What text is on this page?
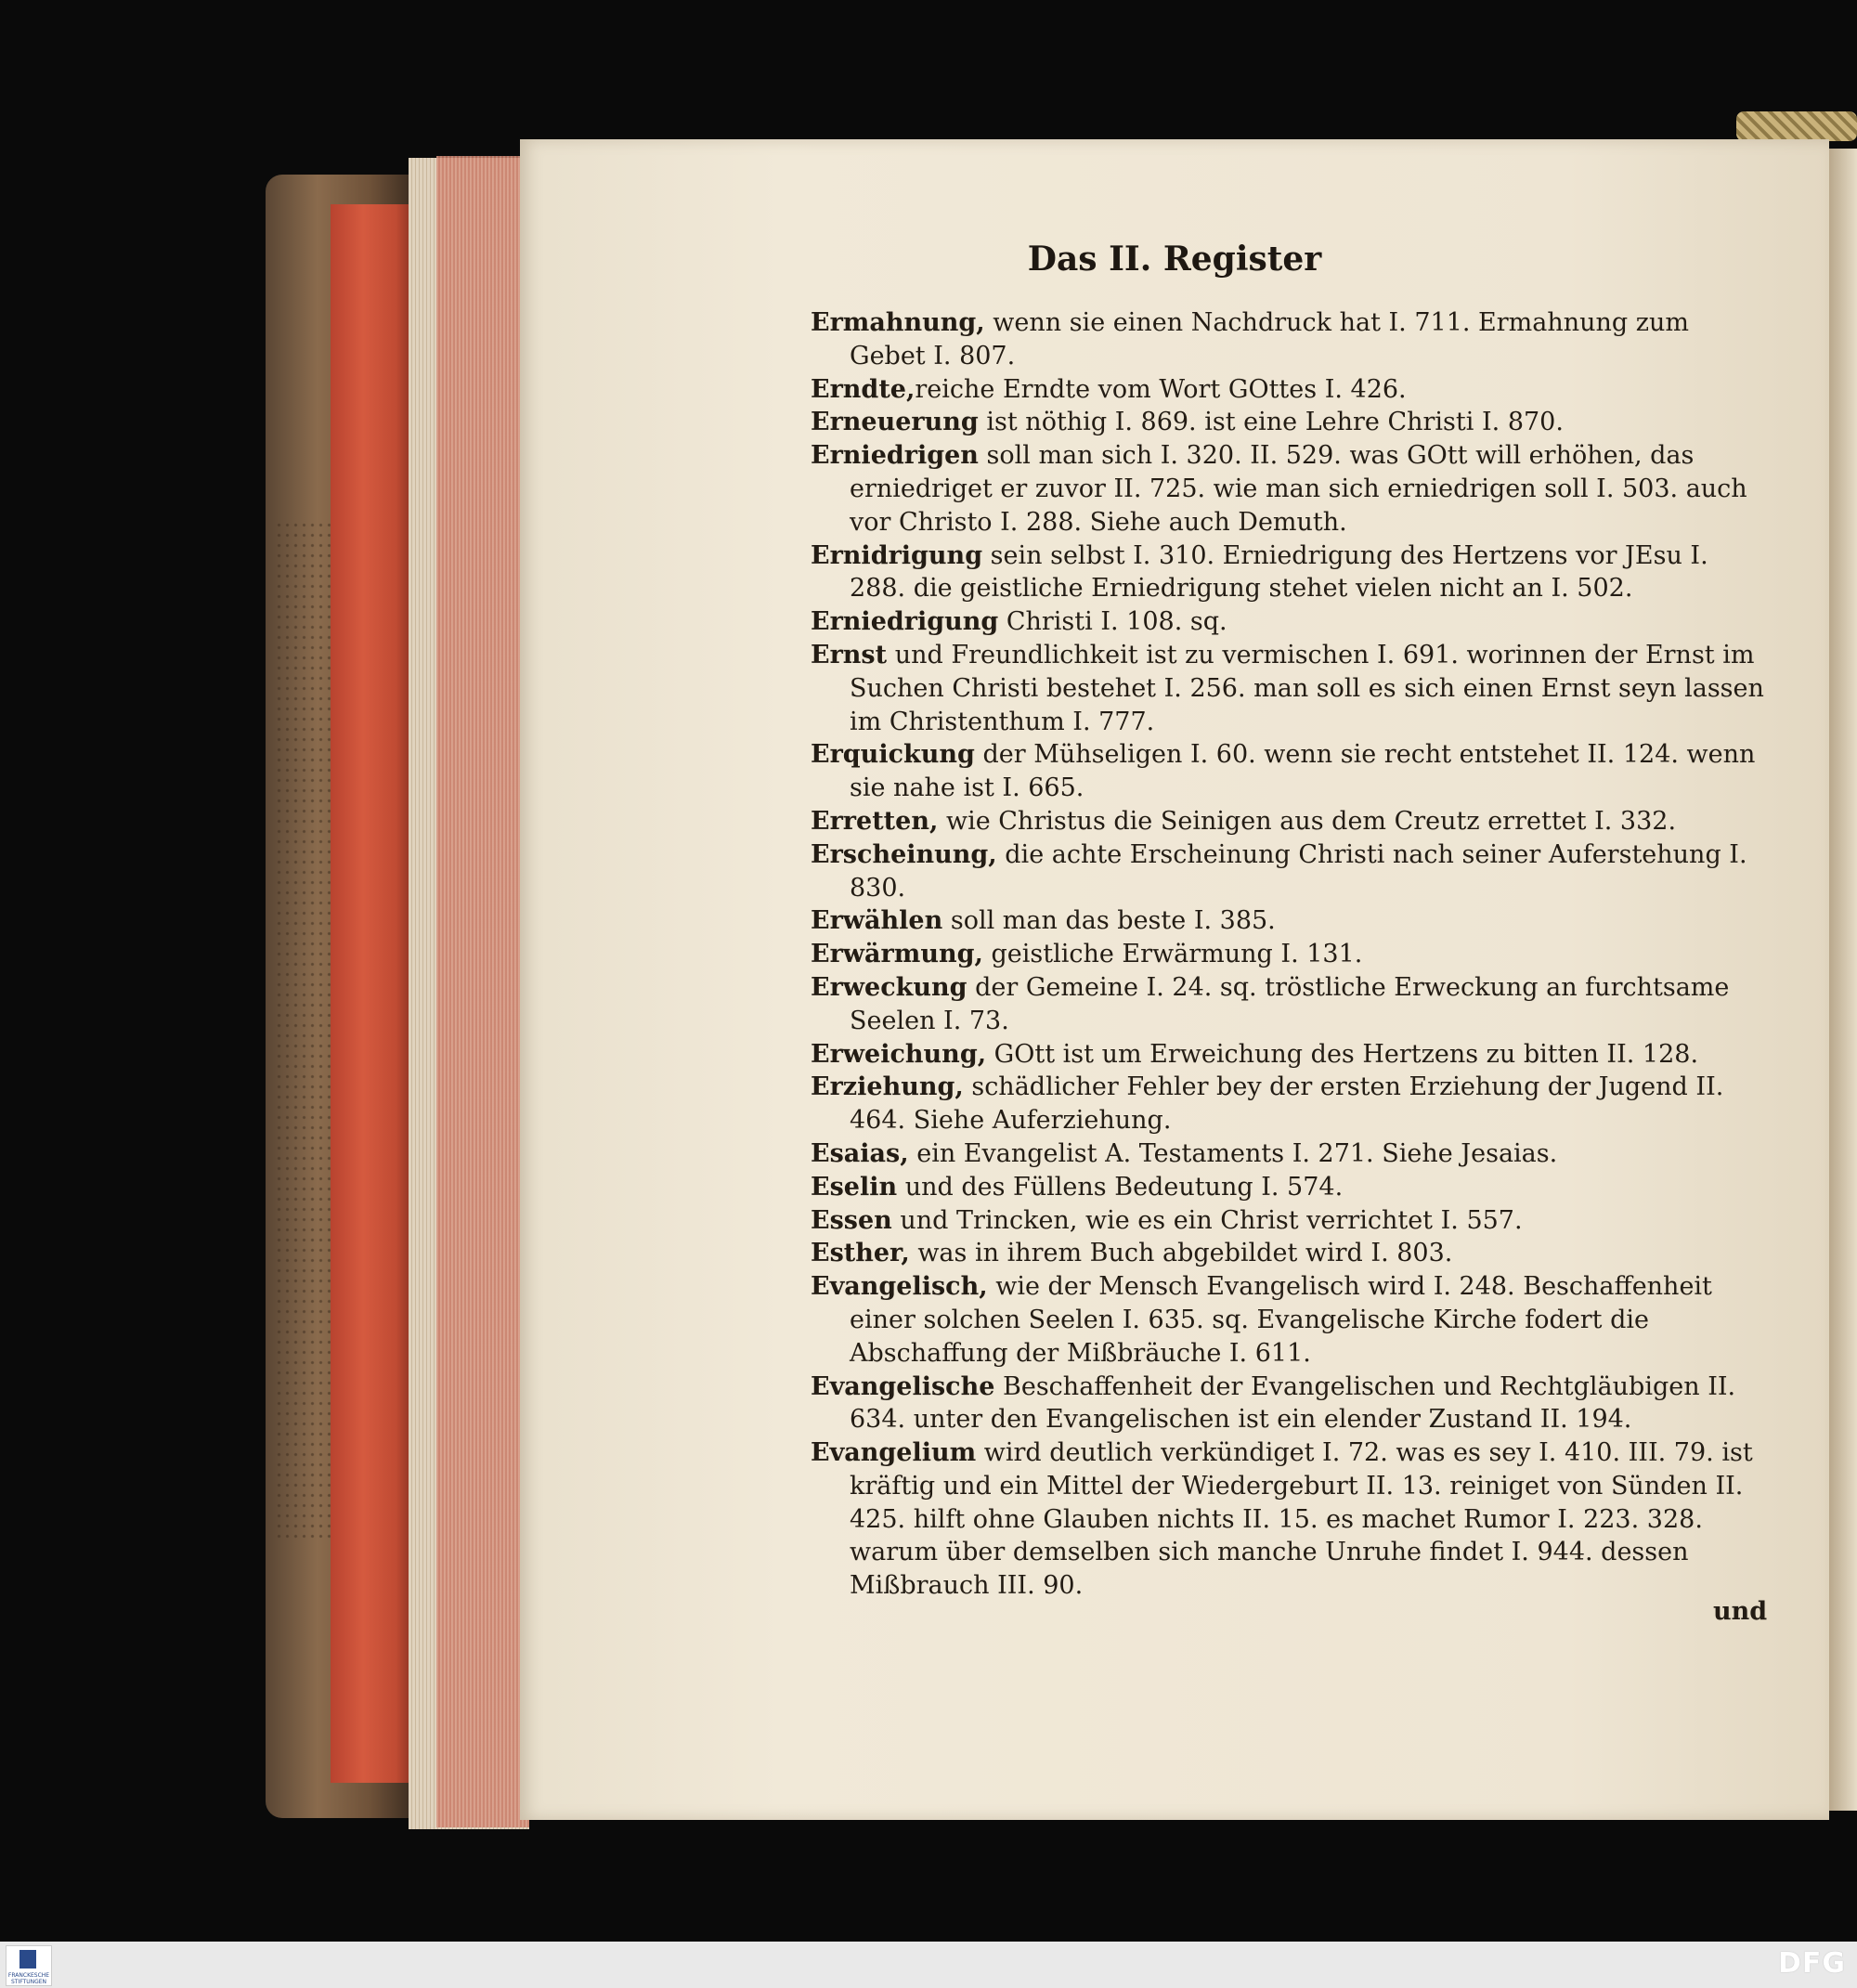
Das II. Register

Ermahnung, wenn sie einen Nachdruck hat I. 711. Ermahnung zum Gebet I. 807.

Erndte,reiche Erndte vom Wort GOttes I. 426.

Erneuerung ist nöthig I. 869. ist eine Lehre Christi I. 870.

Erniedrigen soll man sich I. 320. II. 529. was GOtt will erhöhen, das erniedriget er zuvor II. 725. wie man sich erniedrigen soll I. 503. auch vor Christo I. 288. Siehe auch Demuth.

Ernidrigung sein selbst I. 310. Erniedrigung des Hertzens vor JEsu I. 288. die geistliche Erniedrigung stehet vielen nicht an I. 502.

Erniedrigung Christi I. 108. sq.

Ernst und Freundlichkeit ist zu vermischen I. 691. worinnen der Ernst im Suchen Christi bestehet I. 256. man soll es sich einen Ernst seyn lassen im Christenthum I. 777.

Erquickung der Mühseligen I. 60. wenn sie recht entstehet II. 124. wenn sie nahe ist I. 665.

Erretten, wie Christus die Seinigen aus dem Creutz errettet I. 332.

Erscheinung, die achte Erscheinung Christi nach seiner Auferstehung I. 830.

Erwählen soll man das beste I. 385.

Erwärmung, geistliche Erwärmung I. 131.

Erweckung der Gemeine I. 24. sq. tröstliche Erweckung an furchtsame Seelen I. 73.

Erweichung, GOtt ist um Erweichung des Hertzens zu bitten II. 128.

Erziehung, schädlicher Fehler bey der ersten Erziehung der Jugend II. 464. Siehe Auferziehung.

Esaias, ein Evangelist A. Testaments I. 271. Siehe Jesaias.

Eselin und des Füllens Bedeutung I. 574.

Essen und Trincken, wie es ein Christ verrichtet I. 557.

Esther, was in ihrem Buch abgebildet wird I. 803.

Evangelisch, wie der Mensch Evangelisch wird I. 248. Beschaffenheit einer solchen Seelen I. 635. sq. Evangelische Kirche fodert die Abschaffung der Mißbräuche I. 611.

Evangelische Beschaffenheit der Evangelischen und Rechtgläubigen II. 634. unter den Evangelischen ist ein elender Zustand II. 194.

Evangelium wird deutlich verkündiget I. 72. was es sey I. 410. III. 79. ist kräftig und ein Mittel der Wiedergeburt II. 13. reiniget von Sünden II. 425. hilft ohne Glauben nichts II. 15. es machet Rumor I. 223. 328. warum über demselben sich manche Unruhe findet I. 944. dessen Mißbrauch III. 90.

und
FRANCKESCHE STIFTUNGEN
DFG
